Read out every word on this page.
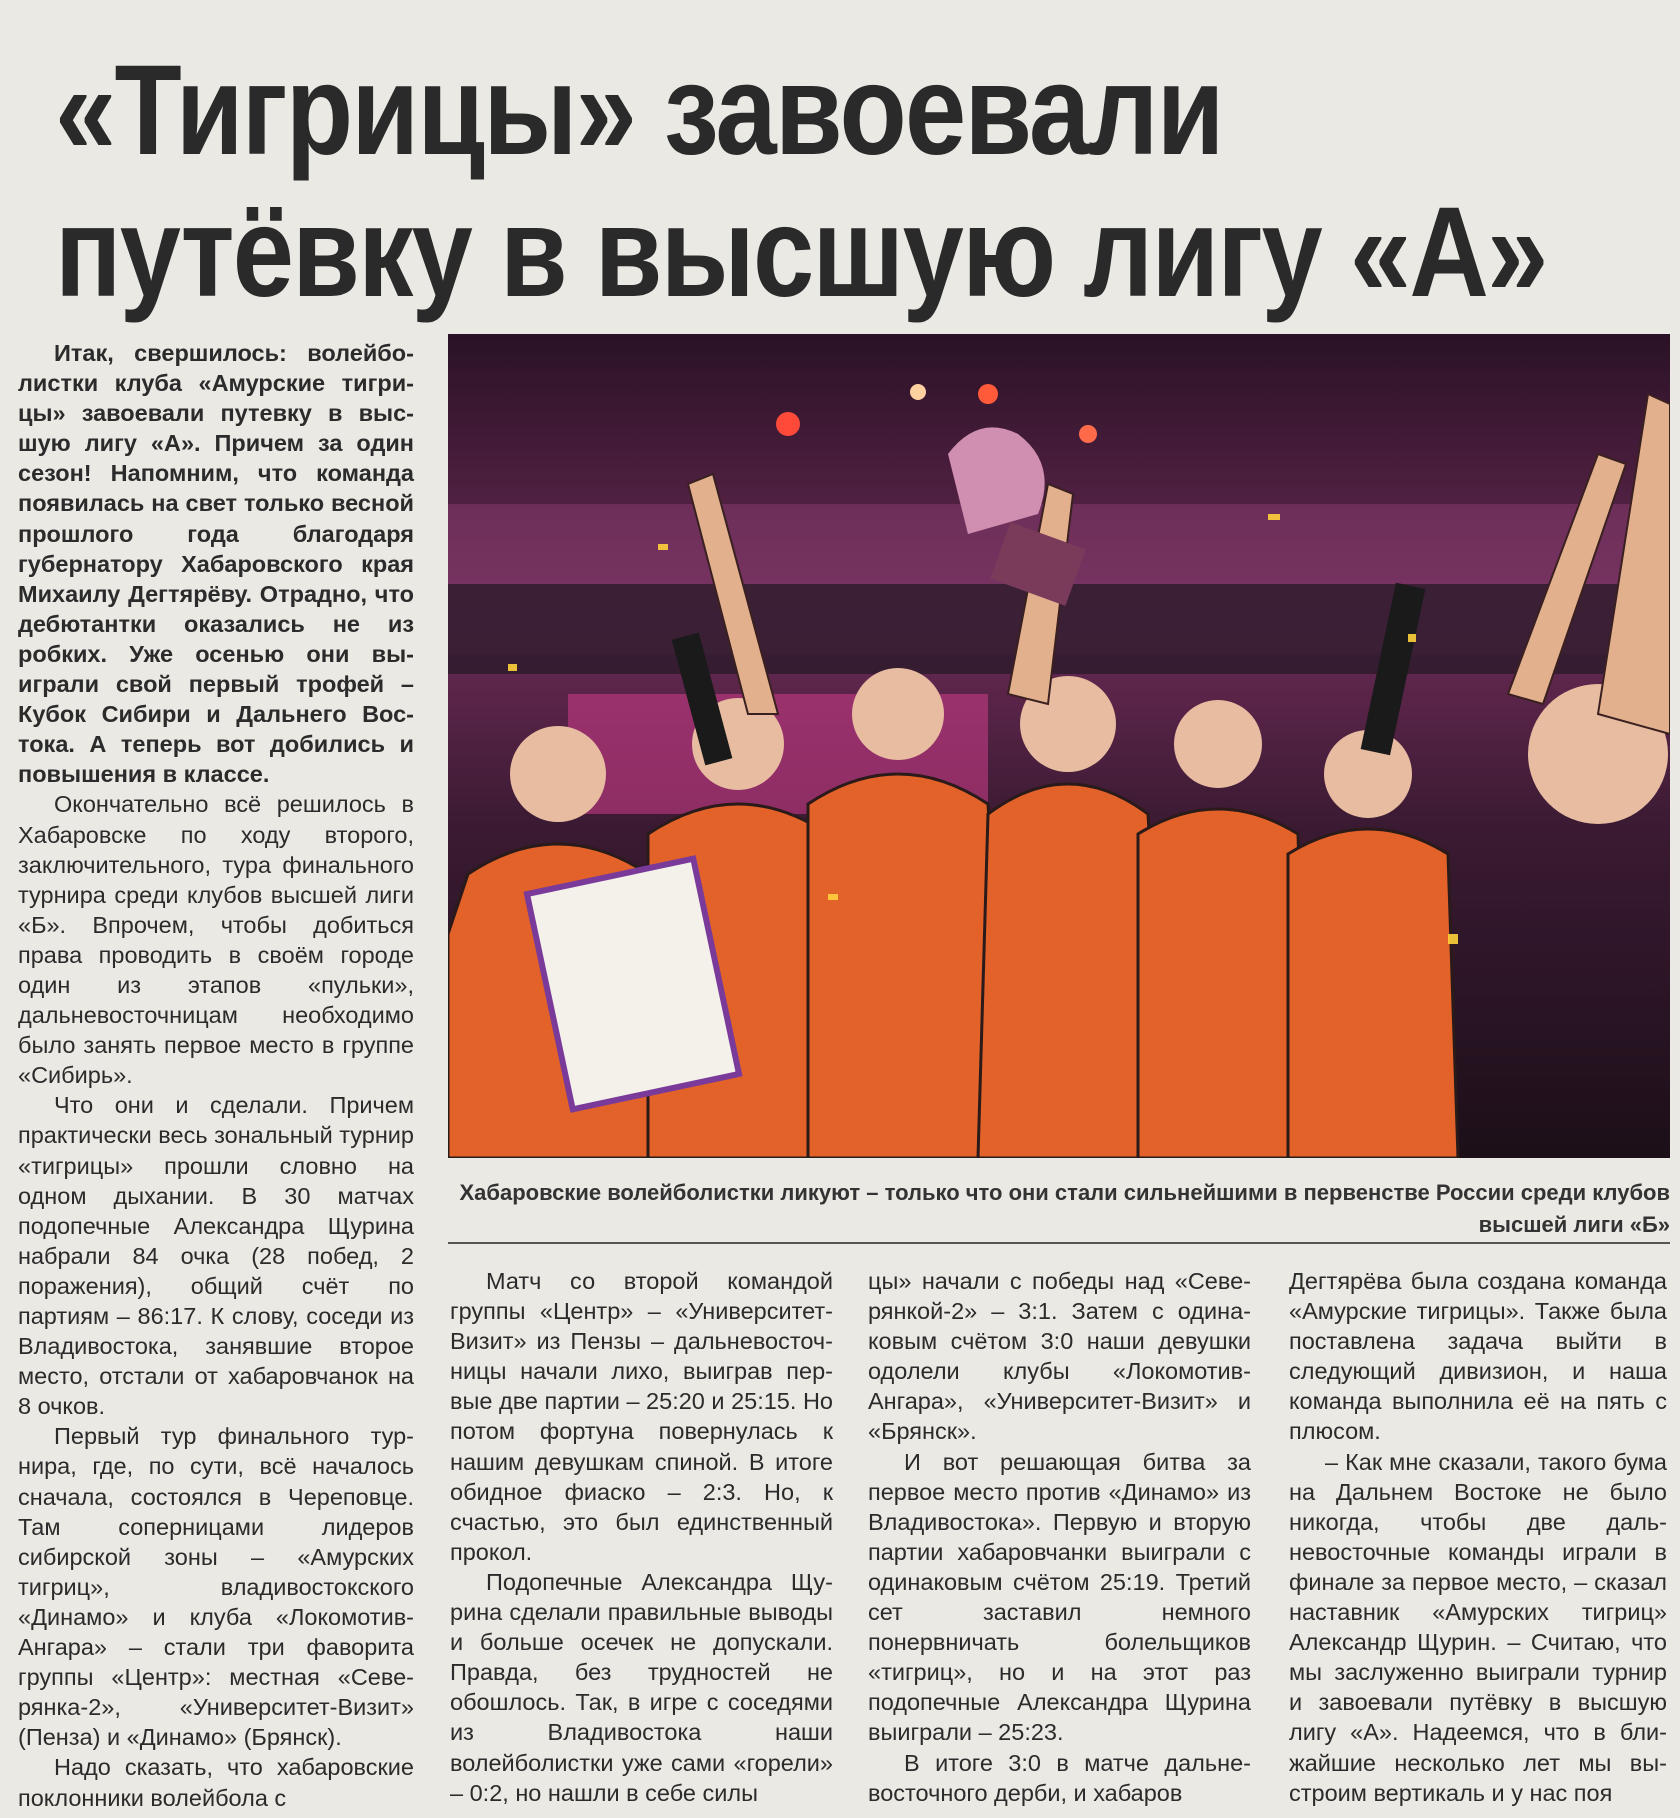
«Тигрицы» завоевали
путёвку в высшую лигу «А»

Итак, свершилось: волейболистки клуба «Амурские тигрицы» завоевали путевку в высшую лигу «А». Причем за один сезон! Напомним, что команда появилась на свет только весной прошлого года благодаря губернатору Хабаровского края Михаилу Дегтярёву. Отрадно, что дебютантки оказались не из робких. Уже осенью они выиграли свой первый трофей – Кубок Сибири и Дальнего Востока. А теперь вот добились и повышения в классе.

Окончательно всё решилось в Хабаровске по ходу второго, заключительного, тура финального турнира среди клубов высшей лиги «Б». Впрочем, чтобы добиться права проводить в своём городе один из этапов «пульки», дальневосточницам необходимо было занять первое место в группе «Сибирь».

Что они и сделали. Причем практически весь зональный турнир «тигрицы» прошли словно на одном дыхании. В 30 матчах подопечные Александра Щурина набрали 84 очка (28 побед, 2 поражения), общий счёт по партиям – 86:17. К слову, соседи из Владивостока, занявшие второе место, отстали от хабаровчанок на 8 очков.

Первый тур финального турнира, где, по сути, всё началось сначала, состоялся в Череповце. Там соперницами лидеров сибирской зоны – «Амурских тигриц», владивостокского «Динамо» и клуба «Локомотив-Ангара» – стали три фаворита группы «Центр»: местная «Северянка-2», «Университет-Визит» (Пенза) и «Динамо» (Брянск).

Надо сказать, что хабаровские поклонники волейбола с

Хабаровские волейболистки ликуют – только что они стали сильнейшими в первенстве России среди клубов высшей лиги «Б»

Матч со второй командой группы «Центр» – «Университет-Визит» из Пензы – дальневосточницы начали лихо, выиграв первые две партии – 25:20 и 25:15. Но потом фортуна повернулась к нашим девушкам спиной. В итоге обидное фиаско – 2:3. Но, к счастью, это был единственный прокол.

Подопечные Александра Щурина сделали правильные выводы и больше осечек не допускали. Правда, без трудностей не обошлось. Так, в игре с соседями из Владивостока наши волейболистки уже сами «горели» – 0:2, но нашли в себе силы

цы» начали с победы над «Северянкой-2» – 3:1. Затем с одинаковым счётом 3:0 наши девушки одолели клубы «Локомотив-Ангара», «Университет-Визит» и «Брянск».

И вот решающая битва за первое место против «Динамо» из Владивостока». Первую и вторую партии хабаровчанки выиграли с одинаковым счётом 25:19. Третий сет заставил немного понервничать болельщиков «тигриц», но и на этот раз подопечные Александра Щурина выиграли – 25:23.

В итоге 3:0 в матче дальневосточного дерби, и хабаров

Дегтярёва была создана команда «Амурские тигрицы». Также была поставлена задача выйти в следующий дивизион, и наша команда выполнила её на пять с плюсом.

– Как мне сказали, такого бума на Дальнем Востоке не было никогда, чтобы две дальневосточные команды играли в финале за первое место, – сказал наставник «Амурских тигриц» Александр Щурин. – Считаю, что мы заслуженно выиграли турнир и завоевали путёвку в высшую лигу «А». Надеемся, что в ближайшие несколько лет мы выстроим вертикаль и у нас поя
